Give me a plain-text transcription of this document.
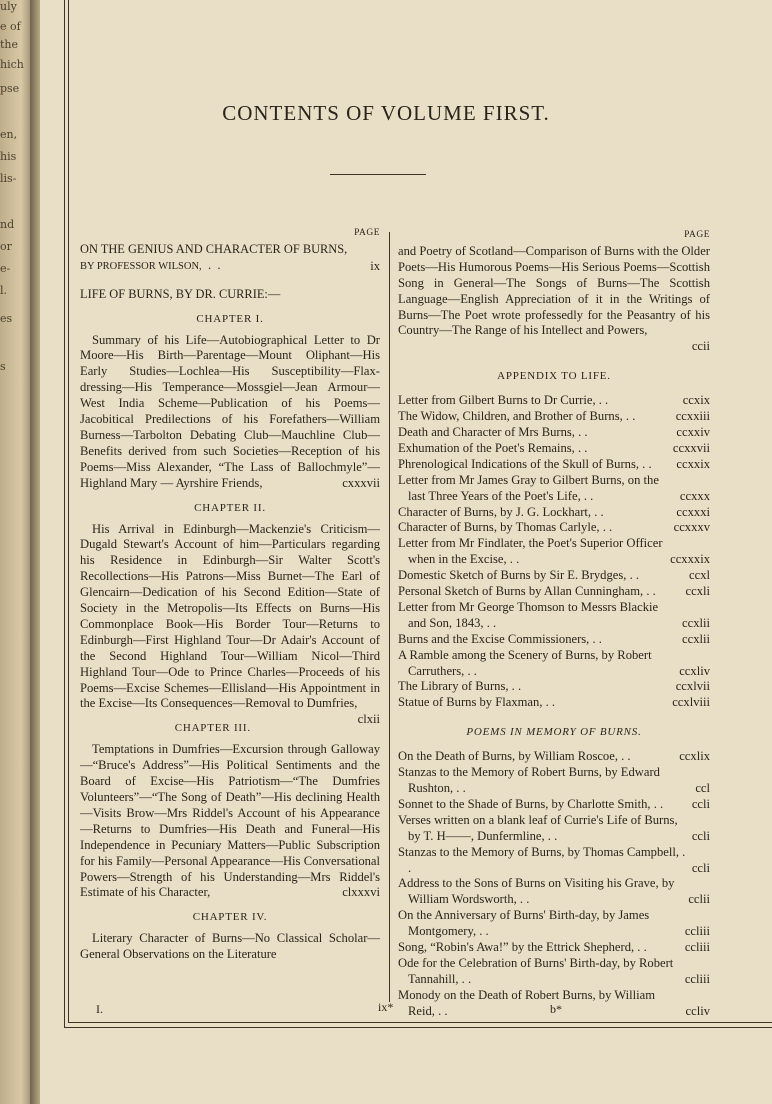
uly
e of
the
hich
pse
en,
his
lis-
nd
or
e-
l.
es
s
CONTENTS OF VOLUME FIRST.
PAGE
ON THE GENIUS AND CHARACTER OF BURNS, BY PROFESSOR WILSON,  .  .	ix
LIFE OF BURNS, BY DR. CURRIE:—
CHAPTER I.
Summary of his Life—Autobiographical Letter to Dr Moore—His Birth—Parentage—Mount Oliphant—His Early Studies—Lochlea—His Susceptibility—Flax-dressing—His Temperance—Mossgiel—Jean Armour—West India Scheme—Publication of his Poems—Jacobitical Predilections of his Forefathers—William Burness—Tarbolton Debating Club—Mauchline Club—Benefits derived from such Societies—Reception of his Poems—Miss Alexander, “The Lass of Ballochmyle”—Highland Mary — Ayrshire Friends,	cxxxvii
CHAPTER II.
His Arrival in Edinburgh—Mackenzie's Criticism—Dugald Stewart's Account of him—Particulars regarding his Residence in Edinburgh—Sir Walter Scott's Recollections—His Patrons—Miss Burnet—The Earl of Glencairn—Dedication of his Second Edition—State of Society in the Metropolis—Its Effects on Burns—His Commonplace Book—His Border Tour—Returns to Edinburgh—First Highland Tour—Dr Adair's Account of the Second Highland Tour—William Nicol—Third Highland Tour—Ode to Prince Charles—Proceeds of his Poems—Excise Schemes—Ellisland—His Appointment in the Excise—Its Consequences—Removal to Dumfries,
clxii
CHAPTER III.
Temptations in Dumfries—Excursion through Galloway—“Bruce's Address”—His Political Sentiments and the Board of Excise—His Patriotism—“The Dumfries Volunteers”—“The Song of Death”—His declining Health—Visits Brow—Mrs Riddel's Account of his Appearance—Returns to Dumfries—His Death and Funeral—His Independence in Pecuniary Matters—Public Subscription for his Family—Personal Appearance—His Conversational Powers—Strength of his Understanding—Mrs Riddel's Estimate of his Character,	clxxxvi
CHAPTER IV.
Literary Character of Burns—No Classical Scholar—General Observations on the Literature
PAGE
and Poetry of Scotland—Comparison of Burns with the Older Poets—His Humorous Poems—His Serious Poems—Scottish Song in General—The Songs of Burns—The Scottish Language—English Appreciation of it in the Writings of Burns—The Poet wrote professedly for the Peasantry of his Country—The Range of his Intellect and Powers,
ccii
APPENDIX TO LIFE.
Letter from Gilbert Burns to Dr Currie, . .	ccxix
The Widow, Children, and Brother of Burns, . .	ccxxiii
Death and Character of Mrs Burns, . .	ccxxiv
Exhumation of the Poet's Remains, . .	ccxxvii
Phrenological Indications of the Skull of Burns, . .	ccxxix
Letter from Mr James Gray to Gilbert Burns, on the last Three Years of the Poet's Life, . .	ccxxx
Character of Burns, by J. G. Lockhart, . .	ccxxxi
Character of Burns, by Thomas Carlyle, . .	ccxxxv
Letter from Mr Findlater, the Poet's Superior Officer when in the Excise, . .	ccxxxix
Domestic Sketch of Burns by Sir E. Brydges, . .	ccxl
Personal Sketch of Burns by Allan Cunningham, . .	ccxli
Letter from Mr George Thomson to Messrs Blackie and Son, 1843, . .	ccxlii
Burns and the Excise Commissioners, . .	ccxlii
A Ramble among the Scenery of Burns, by Robert Carruthers, . .	ccxliv
The Library of Burns, . .	ccxlvii
Statue of Burns by Flaxman, . .	ccxlviii
POEMS IN MEMORY OF BURNS.
On the Death of Burns, by William Roscoe, . .	ccxlix
Stanzas to the Memory of Robert Burns, by Edward Rushton, . .	ccl
Sonnet to the Shade of Burns, by Charlotte Smith, . .	ccli
Verses written on a blank leaf of Currie's Life of Burns, by T. H——, Dunfermline, . .	ccli
Stanzas to the Memory of Burns, by Thomas Campbell, . .	ccli
Address to the Sons of Burns on Visiting his Grave, by William Wordsworth, . .	cclii
On the Anniversary of Burns' Birth-day, by James Montgomery, . .	ccliii
Song, “Robin's Awa!” by the Ettrick Shepherd, . .	ccliii
Ode for the Celebration of Burns' Birth-day, by Robert Tannahill, . .	ccliii
Monody on the Death of Robert Burns, by William Reid, . .	ccliv
I.	ix*	b*
